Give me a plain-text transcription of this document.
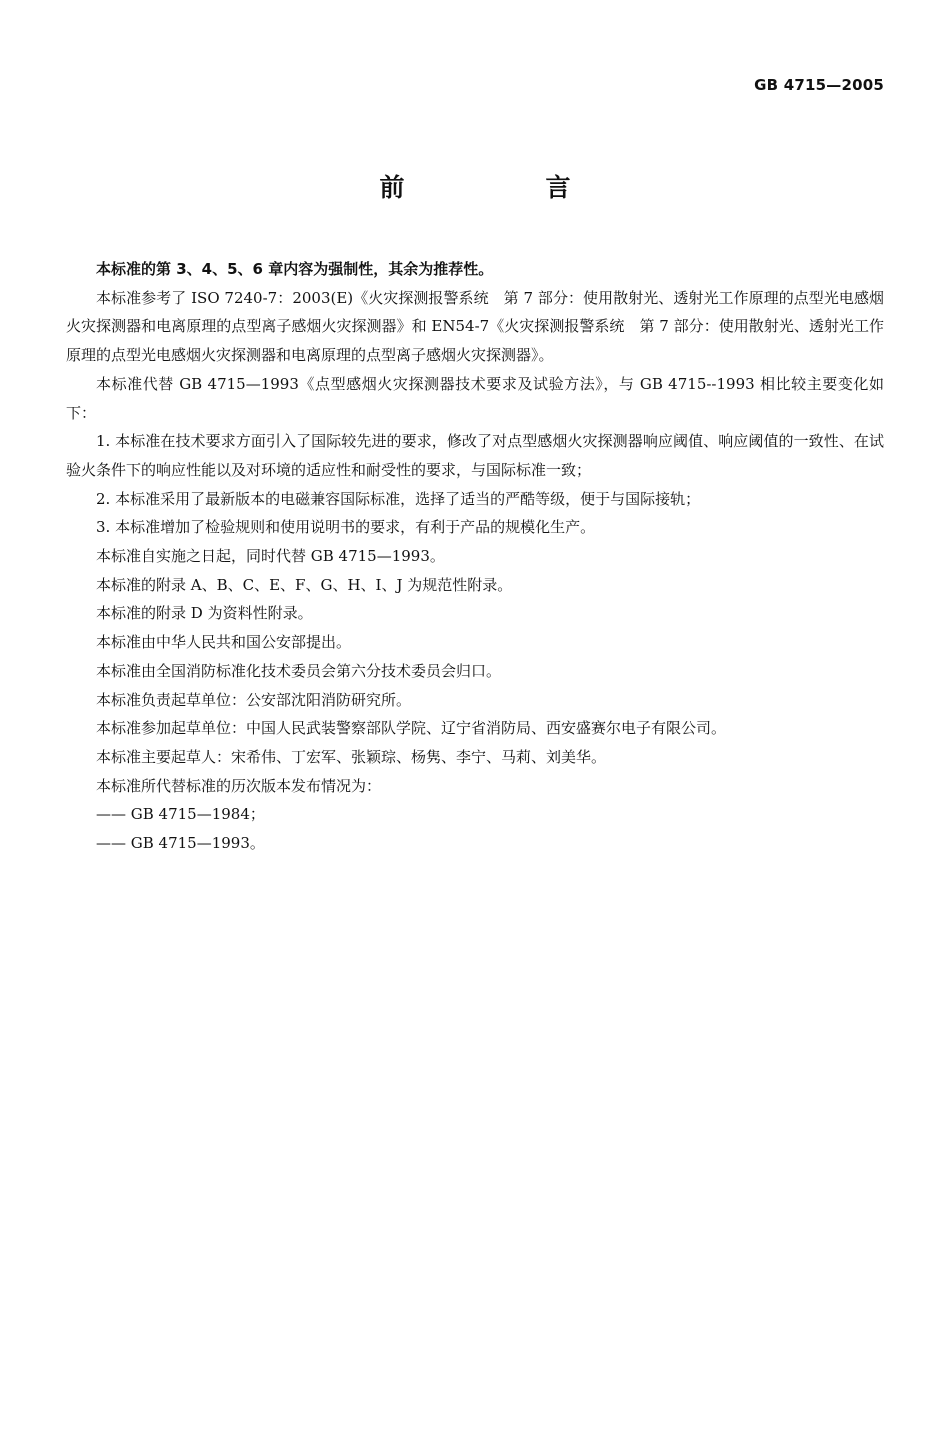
GB 4715—2005
前　言

本标准的第 3、4、5、6 章内容为强制性，其余为推荐性。

本标准参考了 ISO 7240-7：2003(E)《火灾探测报警系统　第 7 部分：使用散射光、透射光工作原理的点型光电感烟火灾探测器和电离原理的点型离子感烟火灾探测器》和 EN54-7《火灾探测报警系统　第 7 部分：使用散射光、透射光工作原理的点型光电感烟火灾探测器和电离原理的点型离子感烟火灾探测器》。

本标准代替 GB 4715—1993《点型感烟火灾探测器技术要求及试验方法》，与 GB 4715--1993 相比较主要变化如下：

1. 本标准在技术要求方面引入了国际较先进的要求，修改了对点型感烟火灾探测器响应阈值、响应阈值的一致性、在试验火条件下的响应性能以及对环境的适应性和耐受性的要求，与国际标准一致；

2. 本标准采用了最新版本的电磁兼容国际标准，选择了适当的严酷等级，便于与国际接轨；

3. 本标准增加了检验规则和使用说明书的要求，有利于产品的规模化生产。

本标准自实施之日起，同时代替 GB 4715—1993。

本标准的附录 A、B、C、E、F、G、H、I、J 为规范性附录。

本标准的附录 D 为资料性附录。

本标准由中华人民共和国公安部提出。

本标准由全国消防标准化技术委员会第六分技术委员会归口。

本标准负责起草单位：公安部沈阳消防研究所。

本标准参加起草单位：中国人民武装警察部队学院、辽宁省消防局、西安盛赛尔电子有限公司。

本标准主要起草人：宋希伟、丁宏军、张颖琮、杨隽、李宁、马莉、刘美华。

本标准所代替标准的历次版本发布情况为：

—— GB 4715—1984；

—— GB 4715—1993。
